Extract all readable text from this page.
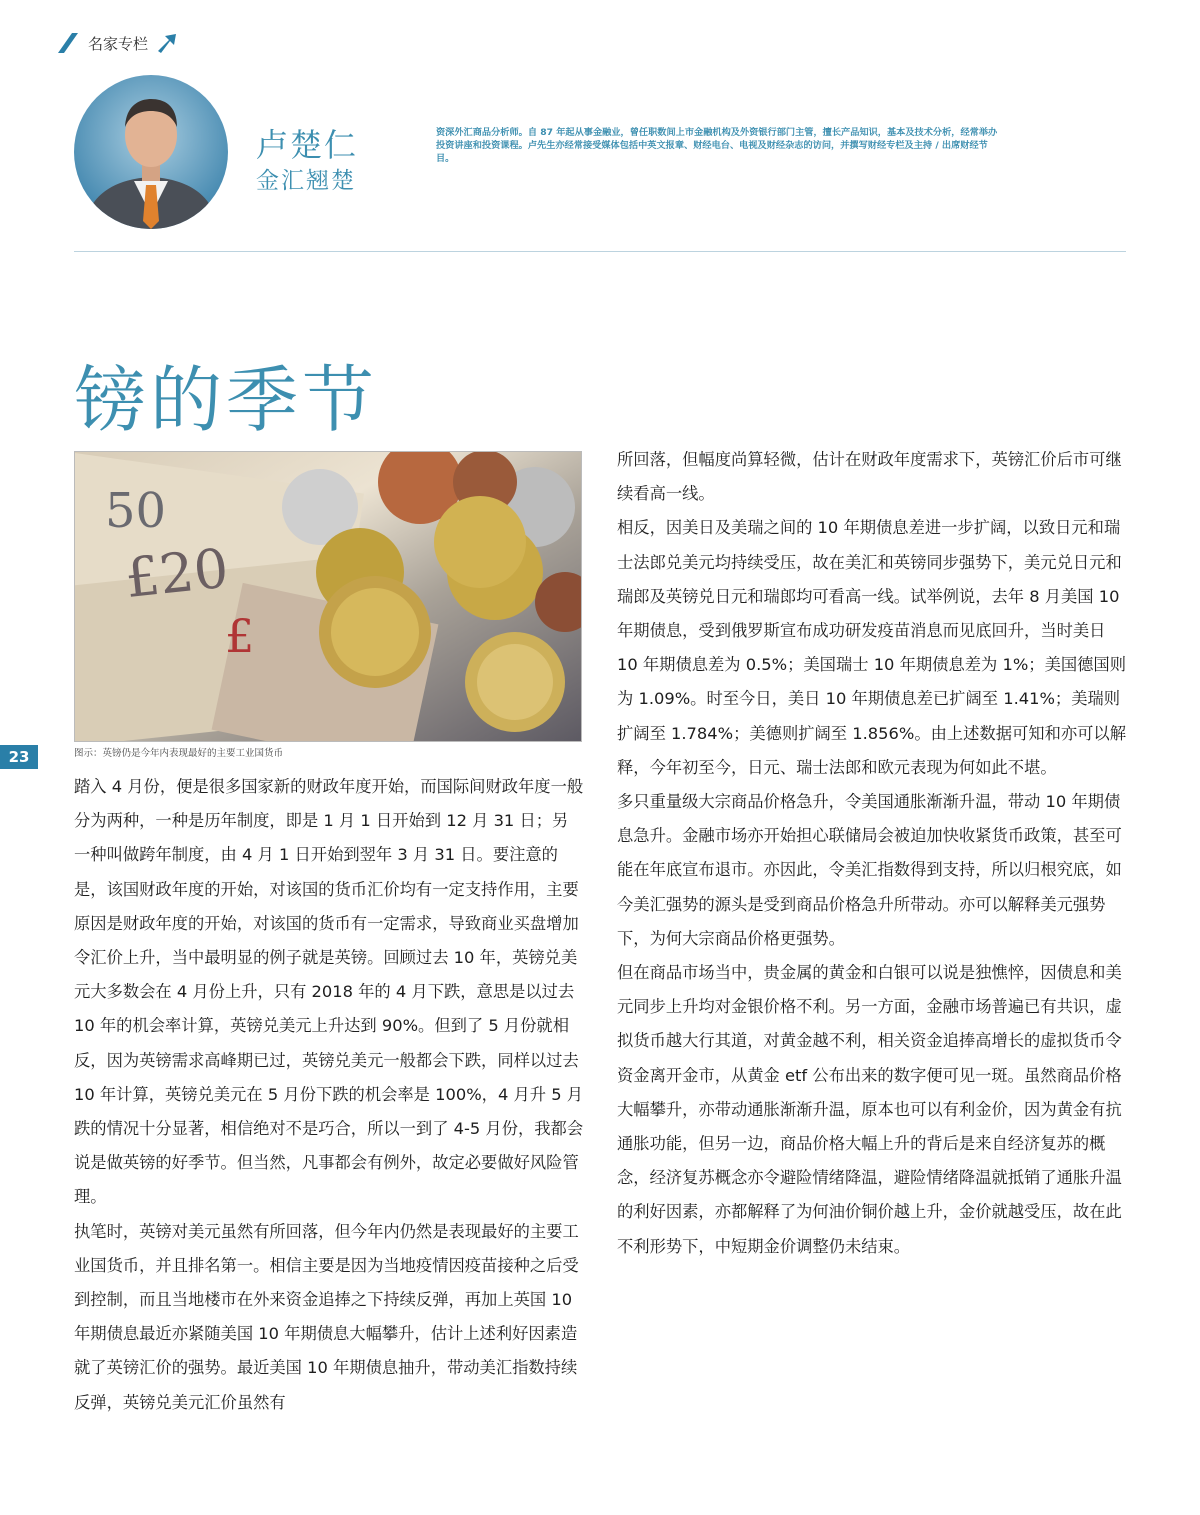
名家专栏
卢楚仁
金汇翘楚
资深外汇商品分析师。自 87 年起从事金融业，曾任职数间上市金融机构及外资银行部门主管，擅长产品知识，基本及技术分析，经常举办投资讲座和投资课程。卢先生亦经常接受媒体包括中英文报章、财经电台、电视及财经杂志的访问，并撰写财经专栏及主持 / 出席财经节目。
镑的季节
50
£20
£
图示：英镑仍是今年内表现最好的主要工业国货币
23

踏入 4 月份，便是很多国家新的财政年度开始，而国际间财政年度一般分为两种，一种是历年制度，即是 1 月 1 日开始到 12 月 31 日；另一种叫做跨年制度，由 4 月 1 日开始到翌年 3 月 31 日。要注意的是，该国财政年度的开始，对该国的货币汇价均有一定支持作用，主要原因是财政年度的开始，对该国的货币有一定需求，导致商业买盘增加令汇价上升，当中最明显的例子就是英镑。回顾过去 10 年，英镑兑美元大多数会在 4 月份上升，只有 2018 年的 4 月下跌，意思是以过去 10 年的机会率计算，英镑兑美元上升达到 90%。但到了 5 月份就相反，因为英镑需求高峰期已过，英镑兑美元一般都会下跌，同样以过去 10 年计算，英镑兑美元在 5 月份下跌的机会率是 100%，4 月升 5 月跌的情况十分显著，相信绝对不是巧合，所以一到了 4-5 月份，我都会说是做英镑的好季节。但当然，凡事都会有例外，故定必要做好风险管理。

执笔时，英镑对美元虽然有所回落，但今年内仍然是表现最好的主要工业国货币，并且排名第一。相信主要是因为当地疫情因疫苗接种之后受到控制，而且当地楼市在外来资金追捧之下持续反弹，再加上英国 10 年期债息最近亦紧随美国 10 年期债息大幅攀升，估计上述利好因素造就了英镑汇价的强势。最近美国 10 年期债息抽升，带动美汇指数持续反弹，英镑兑美元汇价虽然有

所回落，但幅度尚算轻微，估计在财政年度需求下，英镑汇价后市可继续看高一线。

相反，因美日及美瑞之间的 10 年期债息差进一步扩阔，以致日元和瑞士法郎兑美元均持续受压，故在美汇和英镑同步强势下，美元兑日元和瑞郎及英镑兑日元和瑞郎均可看高一线。试举例说，去年 8 月美国 10 年期债息，受到俄罗斯宣布成功研发疫苗消息而见底回升，当时美日 10 年期债息差为 0.5%；美国瑞士 10 年期债息差为 1%；美国德国则为 1.09%。时至今日，美日 10 年期债息差已扩阔至 1.41%；美瑞则扩阔至 1.784%；美德则扩阔至 1.856%。由上述数据可知和亦可以解释，今年初至今，日元、瑞士法郎和欧元表现为何如此不堪。

多只重量级大宗商品价格急升，令美国通胀渐渐升温，带动 10 年期债息急升。金融市场亦开始担心联储局会被迫加快收紧货币政策，甚至可能在年底宣布退市。亦因此，令美汇指数得到支持，所以归根究底，如今美汇强势的源头是受到商品价格急升所带动。亦可以解释美元强势下，为何大宗商品价格更强势。

但在商品市场当中，贵金属的黄金和白银可以说是独憔悴，因债息和美元同步上升均对金银价格不利。另一方面，金融市场普遍已有共识，虚拟货币越大行其道，对黄金越不利，相关资金追捧高增长的虚拟货币令资金离开金市，从黄金 etf 公布出来的数字便可见一斑。虽然商品价格大幅攀升，亦带动通胀渐渐升温，原本也可以有利金价，因为黄金有抗通胀功能，但另一边，商品价格大幅上升的背后是来自经济复苏的概念，经济复苏概念亦令避险情绪降温，避险情绪降温就抵销了通胀升温的利好因素，亦都解释了为何油价铜价越上升，金价就越受压，故在此不利形势下，中短期金价调整仍未结束。
